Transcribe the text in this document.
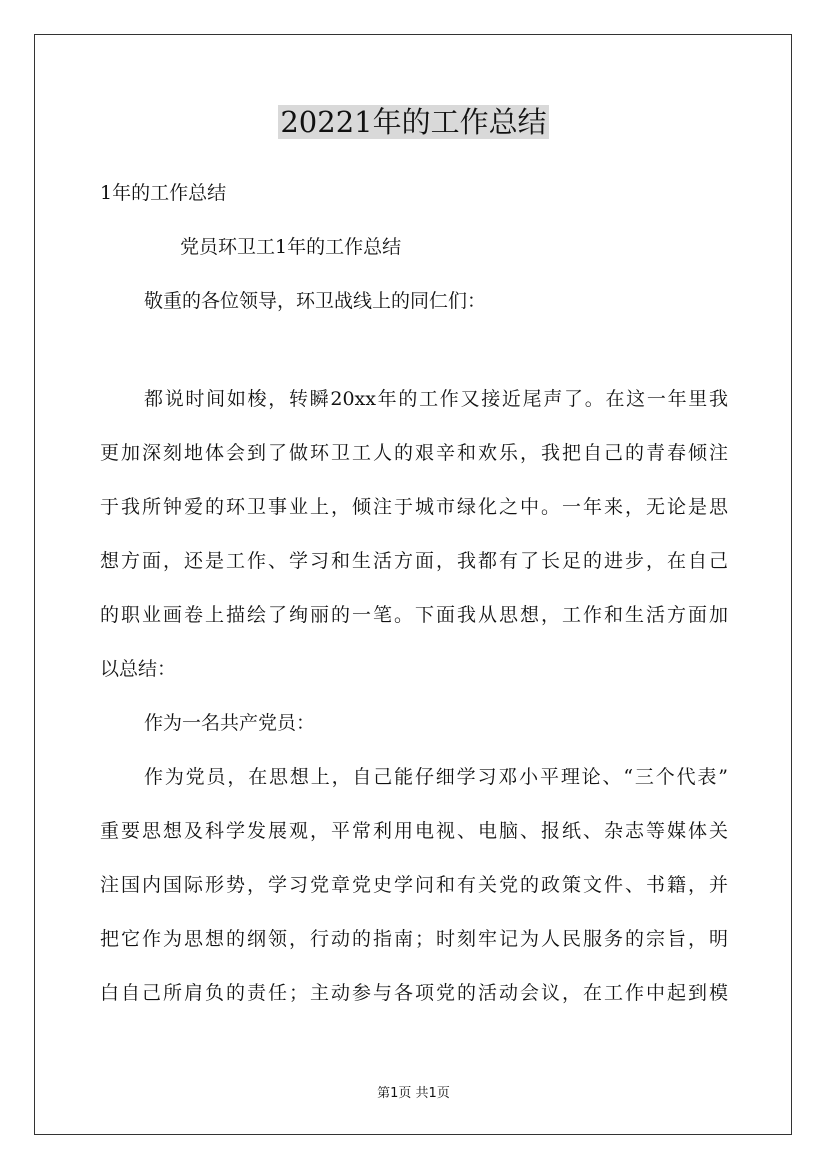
20221年的工作总结
1年的工作总结
党员环卫工1年的工作总结
敬重的各位领导，环卫战线上的同仁们：
都说时间如梭，转瞬20xx年的工作又接近尾声了。在这一年里我
更加深刻地体会到了做环卫工人的艰辛和欢乐，我把自己的青春倾注
于我所钟爱的环卫事业上，倾注于城市绿化之中。一年来，无论是思
想方面，还是工作、学习和生活方面，我都有了长足的进步，在自己
的职业画卷上描绘了绚丽的一笔。下面我从思想，工作和生活方面加
以总结：
作为一名共产党员：
作为党员，在思想上，自己能仔细学习邓小平理论、“三个代表”
重要思想及科学发展观，平常利用电视、电脑、报纸、杂志等媒体关
注国内国际形势，学习党章党史学问和有关党的政策文件、书籍，并
把它作为思想的纲领，行动的指南；时刻牢记为人民服务的宗旨，明
白自己所肩负的责任；主动参与各项党的活动会议，在工作中起到模
第1页 共1页
